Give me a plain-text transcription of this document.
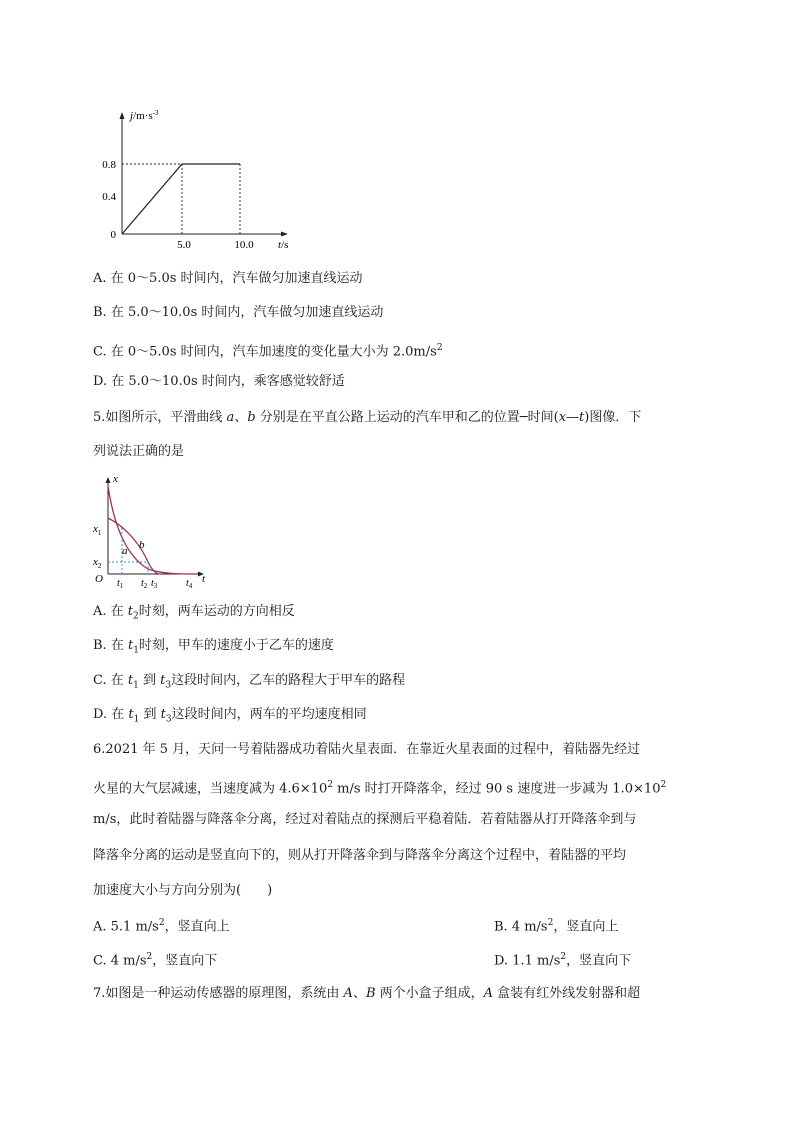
$j/m\cdot s^{-3}$
0.8
0.4
0
5.0	10.0 t/s
A. 在 0～5.0s 时间内，汽车做匀加速直线运动
B. 在 5.0～10.0s 时间内，汽车做匀加速直线运动
C. 在 0～5.0s 时间内，汽车加速度的变化量大小为 $2.0m/s^2$
D. 在 5.0～10.0s 时间内，乘客感觉较舒适
5.如图所示，平滑曲线 a、b 分别是在平直公路上运动的汽车甲和乙的位置─时间(x—t)图像．下
列说法正确的是
x
t
O
$x_1$
$x_2$
b
a
$t_1$ $t_2$ $t_3$	$t_4$
A. 在 $t_2$时刻，两车运动的方向相反
B. 在 $t_1$时刻，甲车的速度小于乙车的速度
C. 在 $t_1$ 到 $t_3$这段时间内，乙车的路程大于甲车的路程
D. 在 $t_1$ 到 $t_3$这段时间内，两车的平均速度相同
6.2021 年 5 月，天问一号着陆器成功着陆火星表面．在靠近火星表面的过程中，着陆器先经过
火星的大气层减速，当速度减为 $4.6\times 10^2$ m/s 时打开降落伞，经过 90 s 速度进一步减为 $1.0\times 10^2$
m/s，此时着陆器与降落伞分离，经过对着陆点的探测后平稳着陆．若着陆器从打开降落伞到与
降落伞分离的运动是竖直向下的，则从打开降落伞到与降落伞分离这个过程中，着陆器的平均
加速度大小与方向分别为(　　)
A. 5.1 $m/s^2$，竖直向上	B. 4 $m/s^2$，竖直向上
C. 4 $m/s^2$，竖直向下	D. 1.1 $m/s^2$，竖直向下
7.如图是一种运动传感器的原理图，系统由 A、B 两个小盒子组成，A 盒装有红外线发射器和超
